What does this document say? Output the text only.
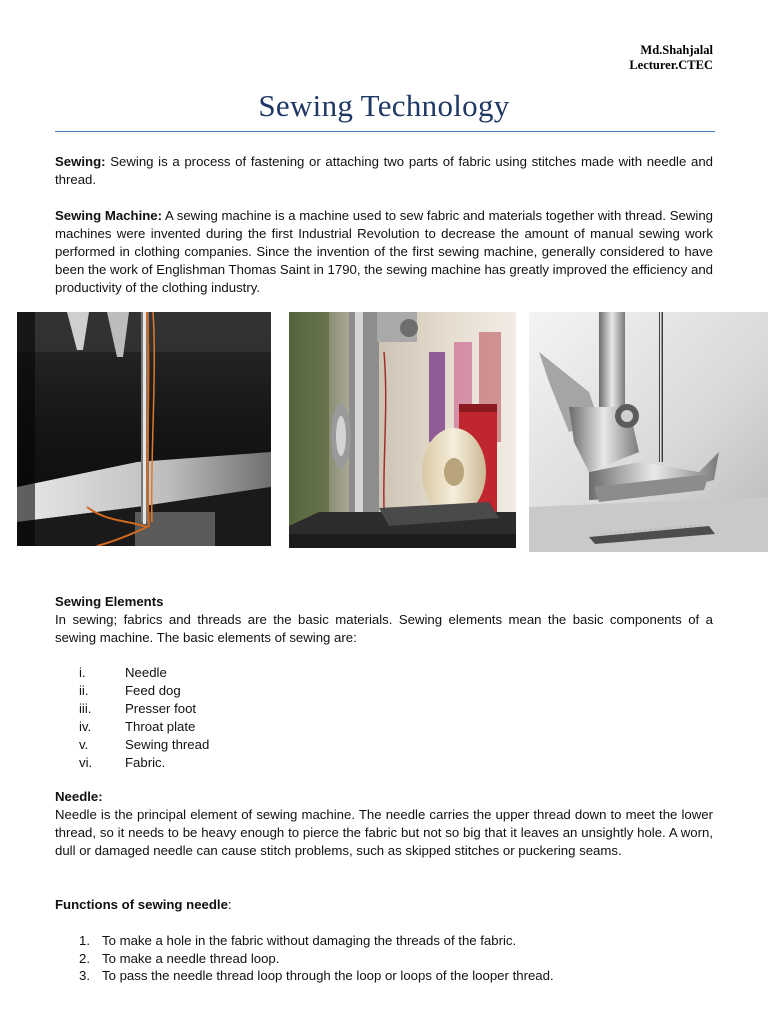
Md.Shahjalal
Lecturer.CTEC
Sewing Technology
Sewing: Sewing is a process of fastening or attaching two parts of fabric using stitches made with needle and thread.
Sewing Machine: A sewing machine is a machine used to sew fabric and materials together with thread. Sewing machines were invented during the first Industrial Revolution to decrease the amount of manual sewing work performed in clothing companies. Since the invention of the first sewing machine, generally considered to have been the work of Englishman Thomas Saint in 1790, the sewing machine has greatly improved the efficiency and productivity of the clothing industry.
Sewing Elements
In sewing; fabrics and threads are the basic materials. Sewing elements mean the basic components of a sewing machine. The basic elements of sewing are:
i.	Needle
ii.	Feed dog
iii.	Presser foot
iv.	Throat plate
v.	Sewing thread
vi. Fabric.
Needle:
Needle is the principal element of sewing machine. The needle carries the upper thread down to meet the lower thread, so it needs to be heavy enough to pierce the fabric but not so big that it leaves an unsightly hole. A worn, dull or damaged needle can cause stitch problems, such as skipped stitches or puckering seams.
Functions of sewing needle:
1. To make a hole in the fabric without damaging the threads of the fabric.
2. To make a needle thread loop.
3. To pass the needle thread loop through the loop or loops of the looper thread.
